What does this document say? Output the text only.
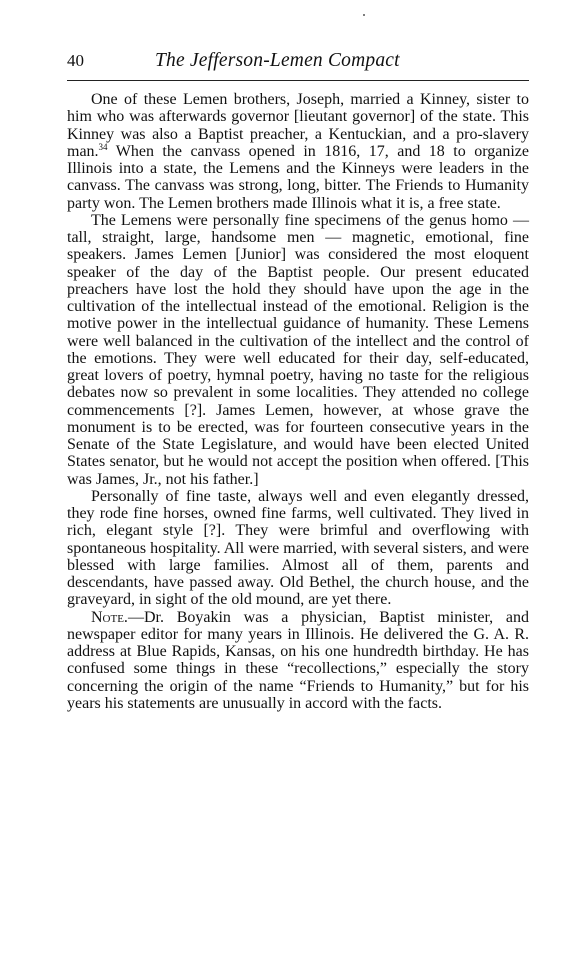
40	The Jefferson-Lemen Compact

One of these Lemen brothers, Joseph, married a Kinney, sister to him who was afterwards governor [lieutant governor] of the state. This Kinney was also a Baptist preacher, a Kentuckian, and a pro-slavery man.$^{34}$ When the canvass opened in 1816, 17, and 18 to organize Illinois into a state, the Lemens and the Kinneys were leaders in the canvass. The canvass was strong, long, bitter. The Friends to Humanity party won. The Lemen brothers made Illinois what it is, a free state.

The Lemens were personally fine specimens of the genus homo — tall, straight, large, handsome men — magnetic, emotional, fine speakers. James Lemen [Junior] was considered the most eloquent speaker of the day of the Baptist people. Our present educated preachers have lost the hold they should have upon the age in the cultivation of the intellectual instead of the emotional. Religion is the motive power in the intellectual guidance of humanity. These Lemens were well balanced in the cultivation of the intellect and the control of the emotions. They were well educated for their day, self-educated, great lovers of poetry, hymnal poetry, having no taste for the religious debates now so prevalent in some localities. They attended no college commencements [?]. James Lemen, however, at whose grave the monument is to be erected, was for fourteen consecutive years in the Senate of the State Legislature, and would have been elected United States senator, but he would not accept the position when offered. [This was James, Jr., not his father.]

Personally of fine taste, always well and even elegantly dressed, they rode fine horses, owned fine farms, well cultivated. They lived in rich, elegant style [?]. They were brimful and overflowing with spontaneous hospitality. All were married, with several sisters, and were blessed with large families. Almost all of them, parents and descendants, have passed away. Old Bethel, the church house, and the graveyard, in sight of the old mound, are yet there.

Note.—Dr. Boyakin was a physician, Baptist minister, and newspaper editor for many years in Illinois. He delivered the G. A. R. address at Blue Rapids, Kansas, on his one hundredth birthday. He has confused some things in these “recollections,” especially the story concerning the origin of the name “Friends to Humanity,” but for his years his statements are unusually in accord with the facts.
